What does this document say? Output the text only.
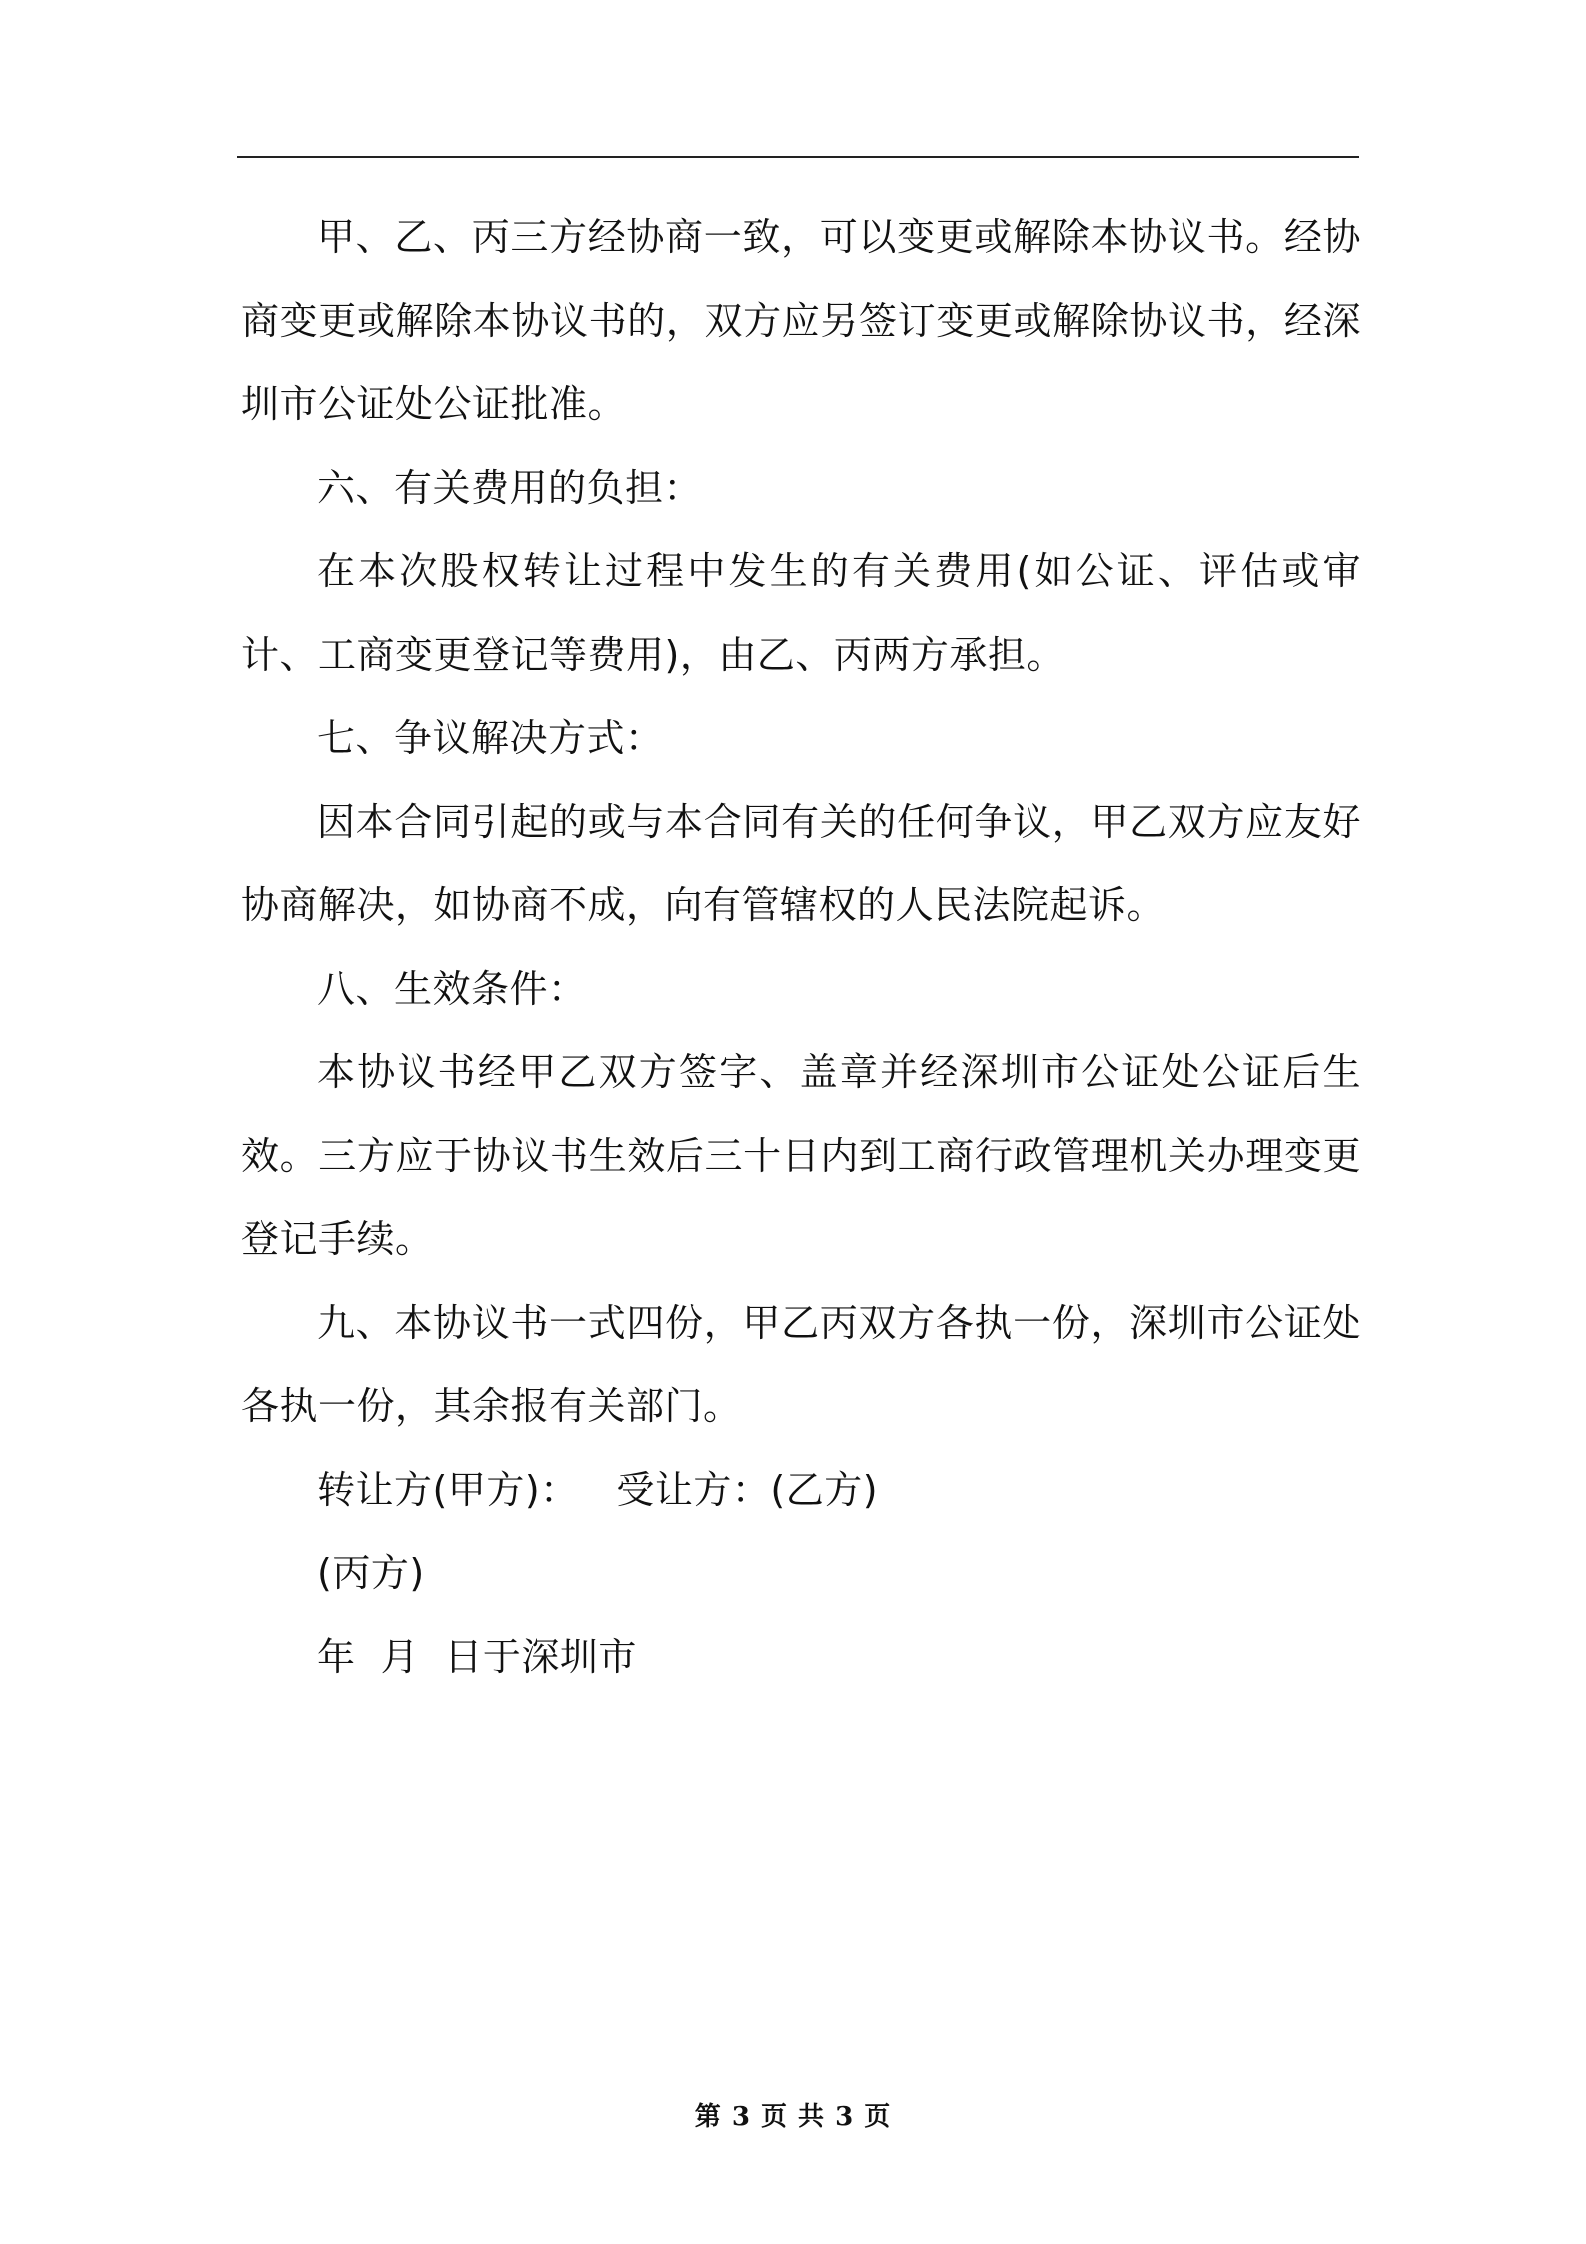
甲、乙、丙三方经协商一致，可以变更或解除本协议书。经协商变更或解除本协议书的，双方应另签订变更或解除协议书，经深圳市公证处公证批准。

六、有关费用的负担：

在本次股权转让过程中发生的有关费用(如公证、评估或审计、工商变更登记等费用)，由乙、丙两方承担。

七、争议解决方式：

因本合同引起的或与本合同有关的任何争议，甲乙双方应友好协商解决，如协商不成，向有管辖权的人民法院起诉。

八、生效条件：

本协议书经甲乙双方签字、盖章并经深圳市公证处公证后生效。三方应于协议书生效后三十日内到工商行政管理机关办理变更登记手续。

九、本协议书一式四份，甲乙丙双方各执一份，深圳市公证处各执一份，其余报有关部门。

转让方(甲方)：   受让方：(乙方)

(丙方)

年  月  日于深圳市

第 3 页 共 3 页
